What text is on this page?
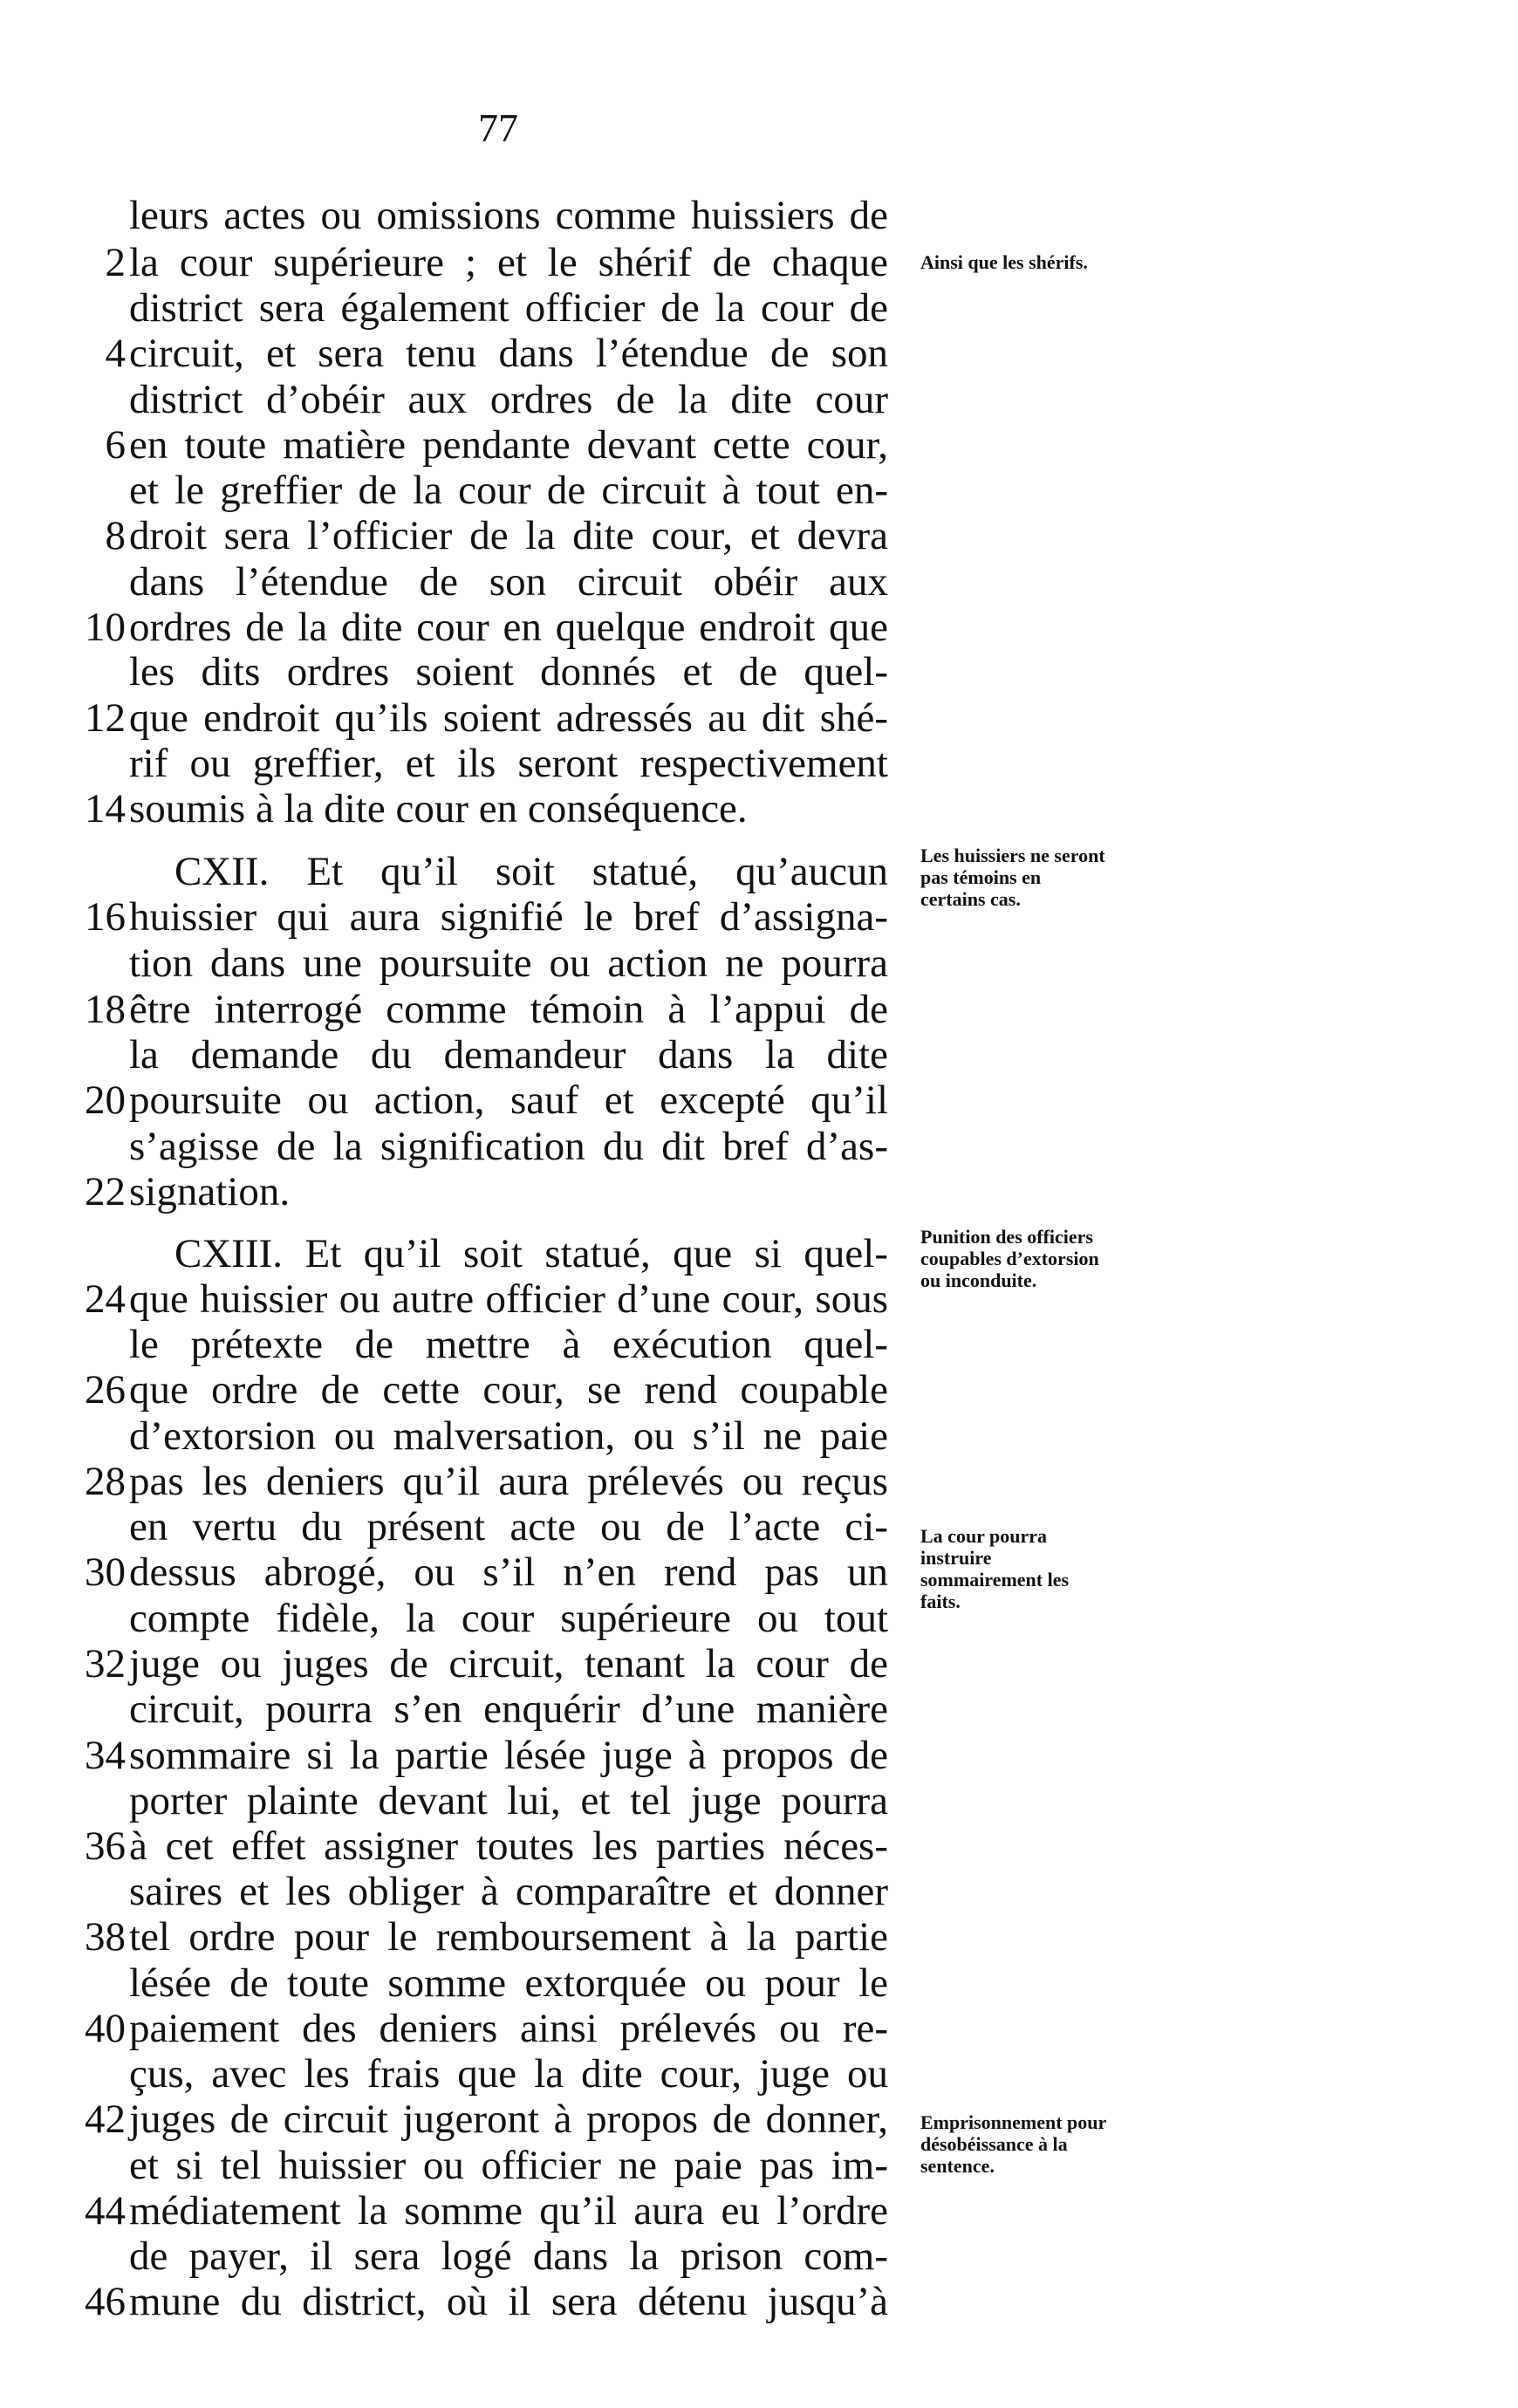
77
leurs actes ou omissions comme huissiers de
2 la cour supérieure ; et le shérif de chaque
district sera également officier de la cour de
4 circuit, et sera tenu dans l’étendue de son
district d’obéir aux ordres de la dite cour
6 en toute matière pendante devant cette cour,
et le greffier de la cour de circuit à tout en-
8 droit sera l’officier de la dite cour, et devra
dans l’étendue de son circuit obéir aux
10 ordres de la dite cour en quelque endroit que
les dits ordres soient donnés et de quel-
12 que endroit qu’ils soient adressés au dit shé-
rif ou greffier, et ils seront respectivement
14 soumis à la dite cour en conséquence.
CXII. Et qu’il soit statué, qu’aucun
16 huissier qui aura signifié le bref d’assigna-
tion dans une poursuite ou action ne pourra
18 être interrogé comme témoin à l’appui de
la demande du demandeur dans la dite
20 poursuite ou action, sauf et excepté qu’il
s’agisse de la signification du dit bref d’as-
22 signation.
CXIII. Et qu’il soit statué, que si quel-
24 que huissier ou autre officier d’une cour, sous
le prétexte de mettre à exécution quel-
26 que ordre de cette cour, se rend coupable
d’extorsion ou malversation, ou s’il ne paie
28 pas les deniers qu’il aura prélevés ou reçus
en vertu du présent acte ou de l’acte ci-
30 dessus abrogé, ou s’il n’en rend pas un
compte fidèle, la cour supérieure ou tout
32 juge ou juges de circuit, tenant la cour de
circuit, pourra s’en enquérir d’une manière
34 sommaire si la partie lésée juge à propos de
porter plainte devant lui, et tel juge pourra
36 à cet effet assigner toutes les parties néces-
saires et les obliger à comparaître et donner
38 tel ordre pour le remboursement à la partie
lésée de toute somme extorquée ou pour le
40 paiement des deniers ainsi prélevés ou re-
çus, avec les frais que la dite cour, juge ou
42 juges de circuit jugeront à propos de donner,
et si tel huissier ou officier ne paie pas im-
44 médiatement la somme qu’il aura eu l’ordre
de payer, il sera logé dans la prison com-
46 mune du district, où il sera détenu jusqu’à
Ainsi que les shérifs.
Les huissiers ne seront pas témoins en certains cas.
Punition des officiers coupables d’extorsion ou inconduite.
La cour pourra instruire sommairement les faits.
Emprisonnement pour désobéissance à la sentence.
